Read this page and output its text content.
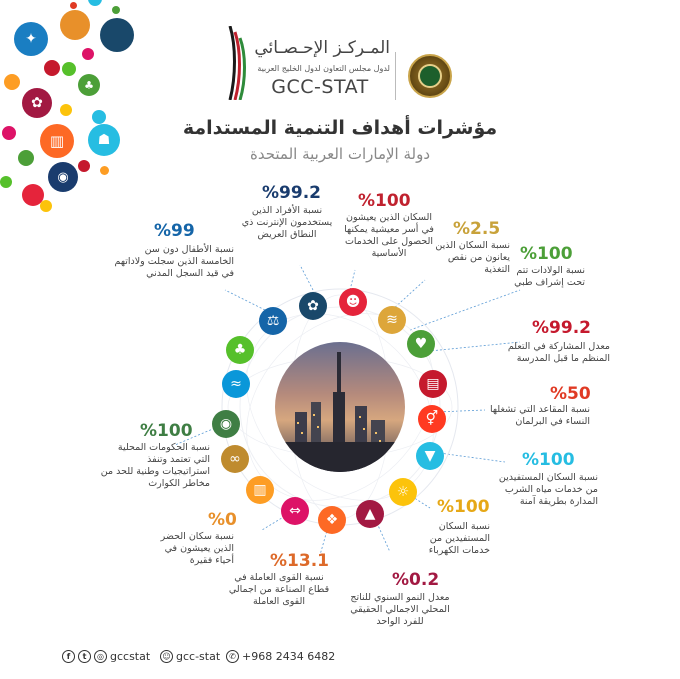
✦
♣
✿
▥	☗
◉
المـركـز الإحـصـائي
لدول مجلس التعاون لدول الخليج العربية
GCC-STAT
مؤشرات أهداف التنمية المستدامة
دولة الإمارات العربية المتحدة
⚖
✿	☻
≋
♥
▤
⚥
▼
☼
▲
❖
⇔
▥
∞
◉
≈
♣
%99.2
نسبة الأفراد الذين يستخدمون الإنترنت ذي النطاق العريض
%100
السكان الذين يعيشون في أسر معيشية يمكنها الحصول على الخدمات الأساسية
%2.5
نسبة السكان الذين يعانون من نقص التغذية
%100
نسبة الولادات تتم تحت إشراف طبي
%99.2
معدل المشاركة في التعلم المنظم ما قبل المدرسة
%50
نسبة المقاعد التي تشغلها النساء في البرلمان
%100
نسبة السكان المستفيدين من خدمات مياه الشرب المدارة بطريقة آمنة
%100
نسبة السكان المستفيدين من خدمات الكهرباء
%0.2
معدل النمو السنوي للناتج المحلي الاجمالي الحقيقي للفرد الواحد
%13.1
نسبة القوى العاملة في قطاع الصناعة من اجمالي القوى العاملة
%0
نسبة سكان الحضر الذين يعيشون في أحياء فقيرة
%100
نسبة الحكومات المحلية التي تعتمد وتنفذ استراتيجيات وطنية للحد من مخاطر الكوارث
%99
نسبة الأطفال دون سن الخامسة الذين سجلت ولاداتهم في قيد السجل المدني
f	t	◎ gccstat ☺ gcc-stat	✆ +968 2434 6482
